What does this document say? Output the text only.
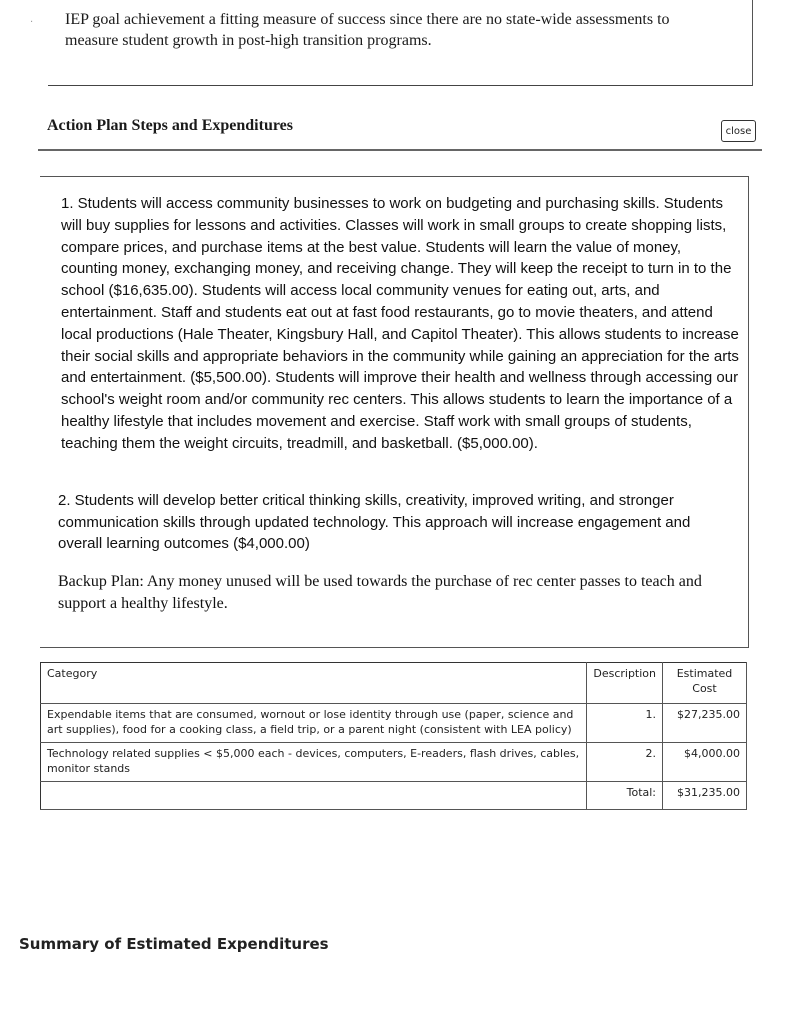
. IEP goal achievement a fitting measure of success since there are no state-wide assessments to measure student growth in post-high transition programs.

Action Plan Steps and Expenditures	close

1. Students will access community businesses to work on budgeting and purchasing skills. Students will buy supplies for lessons and activities. Classes will work in small groups to create shopping lists, compare prices, and purchase items at the best value. Students will learn the value of money, counting money, exchanging money, and receiving change. They will keep the receipt to turn in to the school ($16,635.00). Students will access local community venues for eating out, arts, and entertainment. Staff and students eat out at fast food restaurants, go to movie theaters, and attend local productions (Hale Theater, Kingsbury Hall, and Capitol Theater). This allows students to increase their social skills and appropriate behaviors in the community while gaining an appreciation for the arts and entertainment. ($5,500.00). Students will improve their health and wellness through accessing our school's weight room and/or community rec centers. This allows students to learn the importance of a healthy lifestyle that includes movement and exercise. Staff work with small groups of students, teaching them the weight circuits, treadmill, and basketball. ($5,000.00).

2. Students will develop better critical thinking skills, creativity, improved writing, and stronger communication skills through updated technology. This approach will increase engagement and overall learning outcomes ($4,000.00)

Backup Plan: Any money unused will be used towards the purchase of rec center passes to teach and support a healthy lifestyle.

Category	Description	Estimated Cost
Expendable items that are consumed, wornout or lose identity through use (paper, science and art supplies), food for a cooking class, a field trip, or a parent night (consistent with LEA policy)	1.	$27,235.00
Technology related supplies < $5,000 each - devices, computers, E-readers, flash drives, cables, monitor stands	2.	$4,000.00
	Total:	$31,235.00
Summary of Estimated Expenditures
